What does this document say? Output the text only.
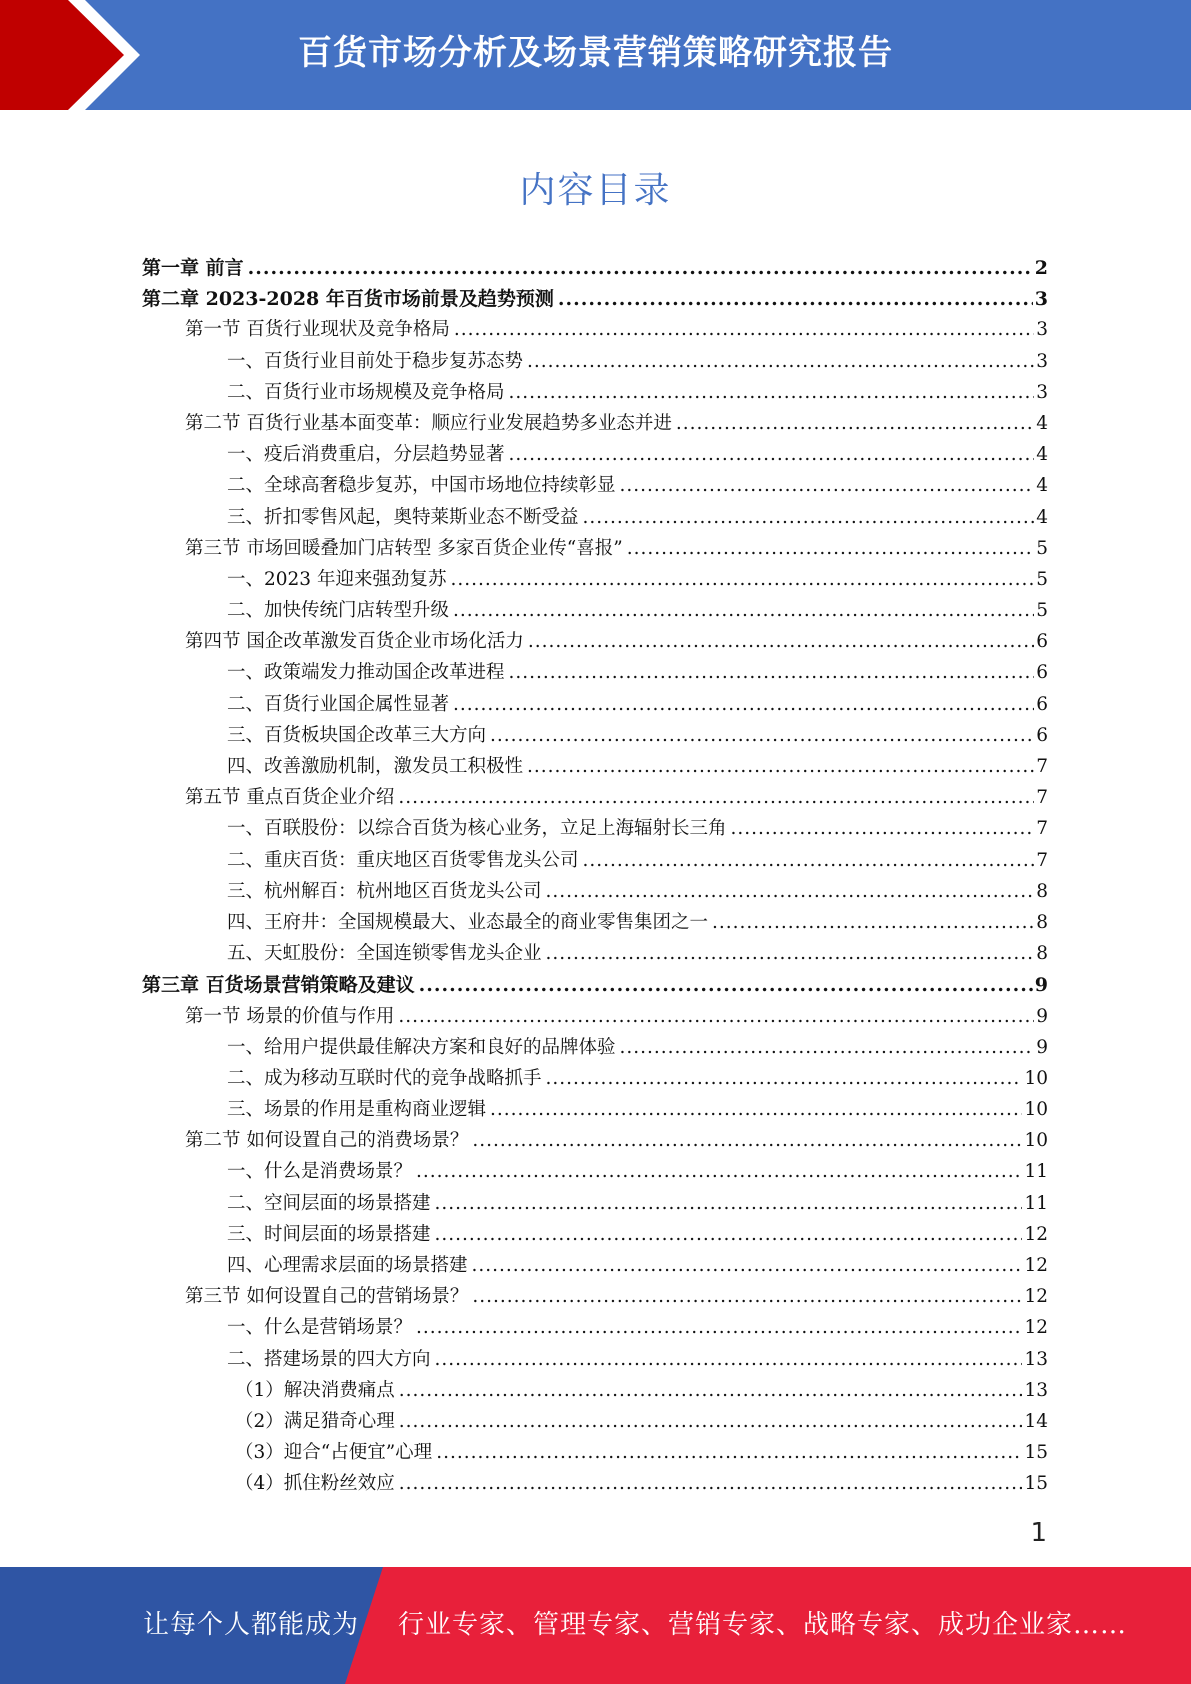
百货市场分析及场景营销策略研究报告
内容目录
第一章 前言 .....	2
第二章 2023-2028 年百货市场前景及趋势预测 .....	3
第一节 百货行业现状及竞争格局 .....	3
一、百货行业目前处于稳步复苏态势 .....	3
二、百货行业市场规模及竞争格局 .....	3
第二节 百货行业基本面变革：顺应行业发展趋势多业态并进 .....	4
一、疫后消费重启，分层趋势显著 .....	4
二、全球高奢稳步复苏，中国市场地位持续彰显 .....	4
三、折扣零售风起，奥特莱斯业态不断受益 .....	4
第三节 市场回暖叠加门店转型 多家百货企业传“喜报” .....	5
一、2023 年迎来强劲复苏 .....	5
二、加快传统门店转型升级 .....	5
第四节 国企改革激发百货企业市场化活力 .....	6
一、政策端发力推动国企改革进程 .....	6
二、百货行业国企属性显著 .....	6
三、百货板块国企改革三大方向 .....	6
四、改善激励机制，激发员工积极性 .....	7
第五节 重点百货企业介绍 .....	7
一、百联股份：以综合百货为核心业务，立足上海辐射长三角 .....	7
二、重庆百货：重庆地区百货零售龙头公司 .....	7
三、杭州解百：杭州地区百货龙头公司 .....	8
四、王府井：全国规模最大、业态最全的商业零售集团之一 .....	8
五、天虹股份：全国连锁零售龙头企业 .....	8
第三章 百货场景营销策略及建议 .....	9
第一节 场景的价值与作用 .....	9
一、给用户提供最佳解决方案和良好的品牌体验 .....	9
二、成为移动互联时代的竞争战略抓手 .....	10
三、场景的作用是重构商业逻辑 .....	10
第二节 如何设置自己的消费场景？ .....	10
一、什么是消费场景？ .....	11
二、空间层面的场景搭建 .....	11
三、时间层面的场景搭建 .....	12
四、心理需求层面的场景搭建 .....	12
第三节 如何设置自己的营销场景？ .....	12
一、什么是营销场景？ .....	12
二、搭建场景的四大方向 .....	13
（1）解决消费痛点 .....	13
（2）满足猎奇心理 .....	14
（3）迎合“占便宜”心理 .....	15
（4）抓住粉丝效应 .....	15
1
让每个人都能成为 行业专家、管理专家、营销专家、战略专家、成功企业家……
